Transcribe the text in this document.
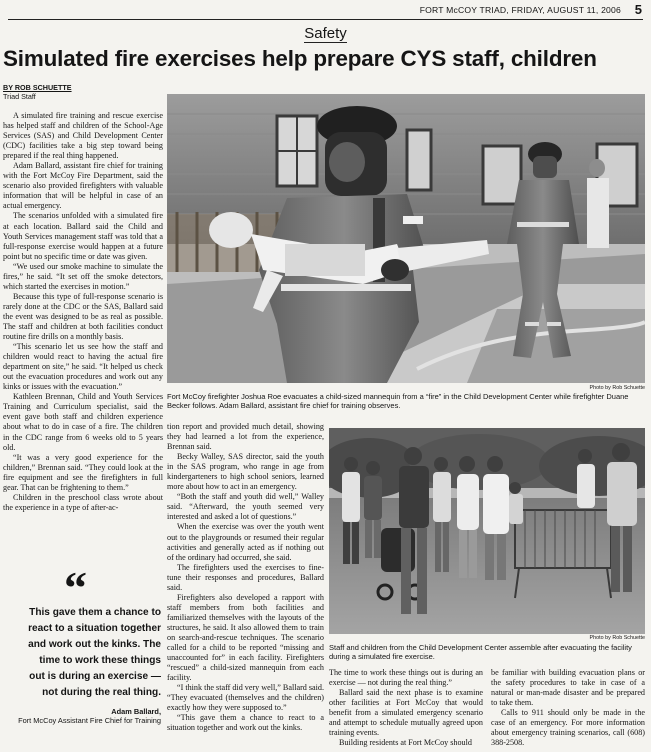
FORT McCOY TRIAD, FRIDAY, AUGUST 11, 2006 5
Safety
Simulated fire exercises help prepare CYS staff, children
BY ROB SCHUETTE
Triad Staff

A simulated fire training and rescue exercise has helped staff and children of the School-Age Services (SAS) and Child Development Center (CDC) facilities take a big step toward being prepared if the real thing happened.

Adam Ballard, assistant fire chief for training with the Fort McCoy Fire Department, said the scenario also provided firefighters with valuable information that will be helpful in case of an actual emergency.

The scenarios unfolded with a simulated fire at each location. Ballard said the Child and Youth Services management staff was told that a full-response exercise would happen at a future point but no specific time or date was given.

“We used our smoke machine to simulate the fires,” he said. “It set off the smoke detectors, which started the exercises in motion.”

Because this type of full-response scenario is rarely done at the CDC or the SAS, Ballard said the event was designed to be as real as possible. The staff and children at both facilities conduct routine fire drills on a monthly basis.

“This scenario let us see how the staff and children would react to having the actual fire department on site,” he said. “It helped us check out the evacuation procedures and work out any kinks or issues with the evacuation.”

Kathleen Brennan, Child and Youth Services Training and Curriculum specialist, said the event gave both staff and children experience about what to do in case of a fire. The children in the CDC range from 6 weeks old to 5 years old.

“It was a very good experience for the children,” Brennan said. “They could look at the fire equipment and see the firefighters in full gear. That can be frightening to them.”

Children in the preschool class wrote about the experience in a type of after-ac-

Photo by Rob Schuette
Fort McCoy firefighter Joshua Roe evacuates a child-sized mannequin from a “fire” in the Child Development Center while firefighter Duane Becker follows. Adam Ballard, assistant fire chief for training observes.

tion report and provided much detail, showing they had learned a lot from the experience, Brennan said.

Becky Walley, SAS director, said the youth in the SAS program, who range in age from kindergarteners to high school seniors, learned more about how to act in an emergency.

“Both the staff and youth did well,” Walley said. “Afterward, the youth seemed very interested and asked a lot of questions.”

When the exercise was over the youth went out to the playgrounds or resumed their regular activities and generally acted as if nothing out of the ordinary had occurred, she said.

The firefighters used the exercises to fine-tune their responses and procedures, Ballard said.

Firefighters also developed a rapport with staff members from both facilities and familiarized themselves with the layouts of the structures, he said. It also allowed them to train on search-and-rescue techniques. The scenario called for a child to be reported “missing and unaccounted for” in each facility. Firefighters “rescued” a child-sized mannequin from each facility.

“I think the staff did very well,” Ballard said. “They evacuated (themselves and the children) exactly how they were supposed to.”

“This gave them a chance to react to a situation together and work out the kinks.

Photo by Rob Schuette
Staff and children from the Child Development Center assemble after evacuating the facility during a simulated fire exercise.

The time to work these things out is during an exercise — not during the real thing.”

Ballard said the next phase is to examine other facilities at Fort McCoy that would benefit from a simulated emergency scenario and attempt to schedule mutually agreed upon training events.

Building residents at Fort McCoy should

be familiar with building evacuation plans or the safety procedures to take in case of a natural or man-made disaster and be prepared to take them.

Calls to 911 should only be made in the case of an emergency. For more information about emergency training scenarios, call (608) 388-2508.

“
This gave them a chance to
react to a situation together
and work out the kinks. The
time to work these things
out is during an exercise —
not during the real thing.
Adam Ballard,
Fort McCoy Assistant Fire Chief for Training
